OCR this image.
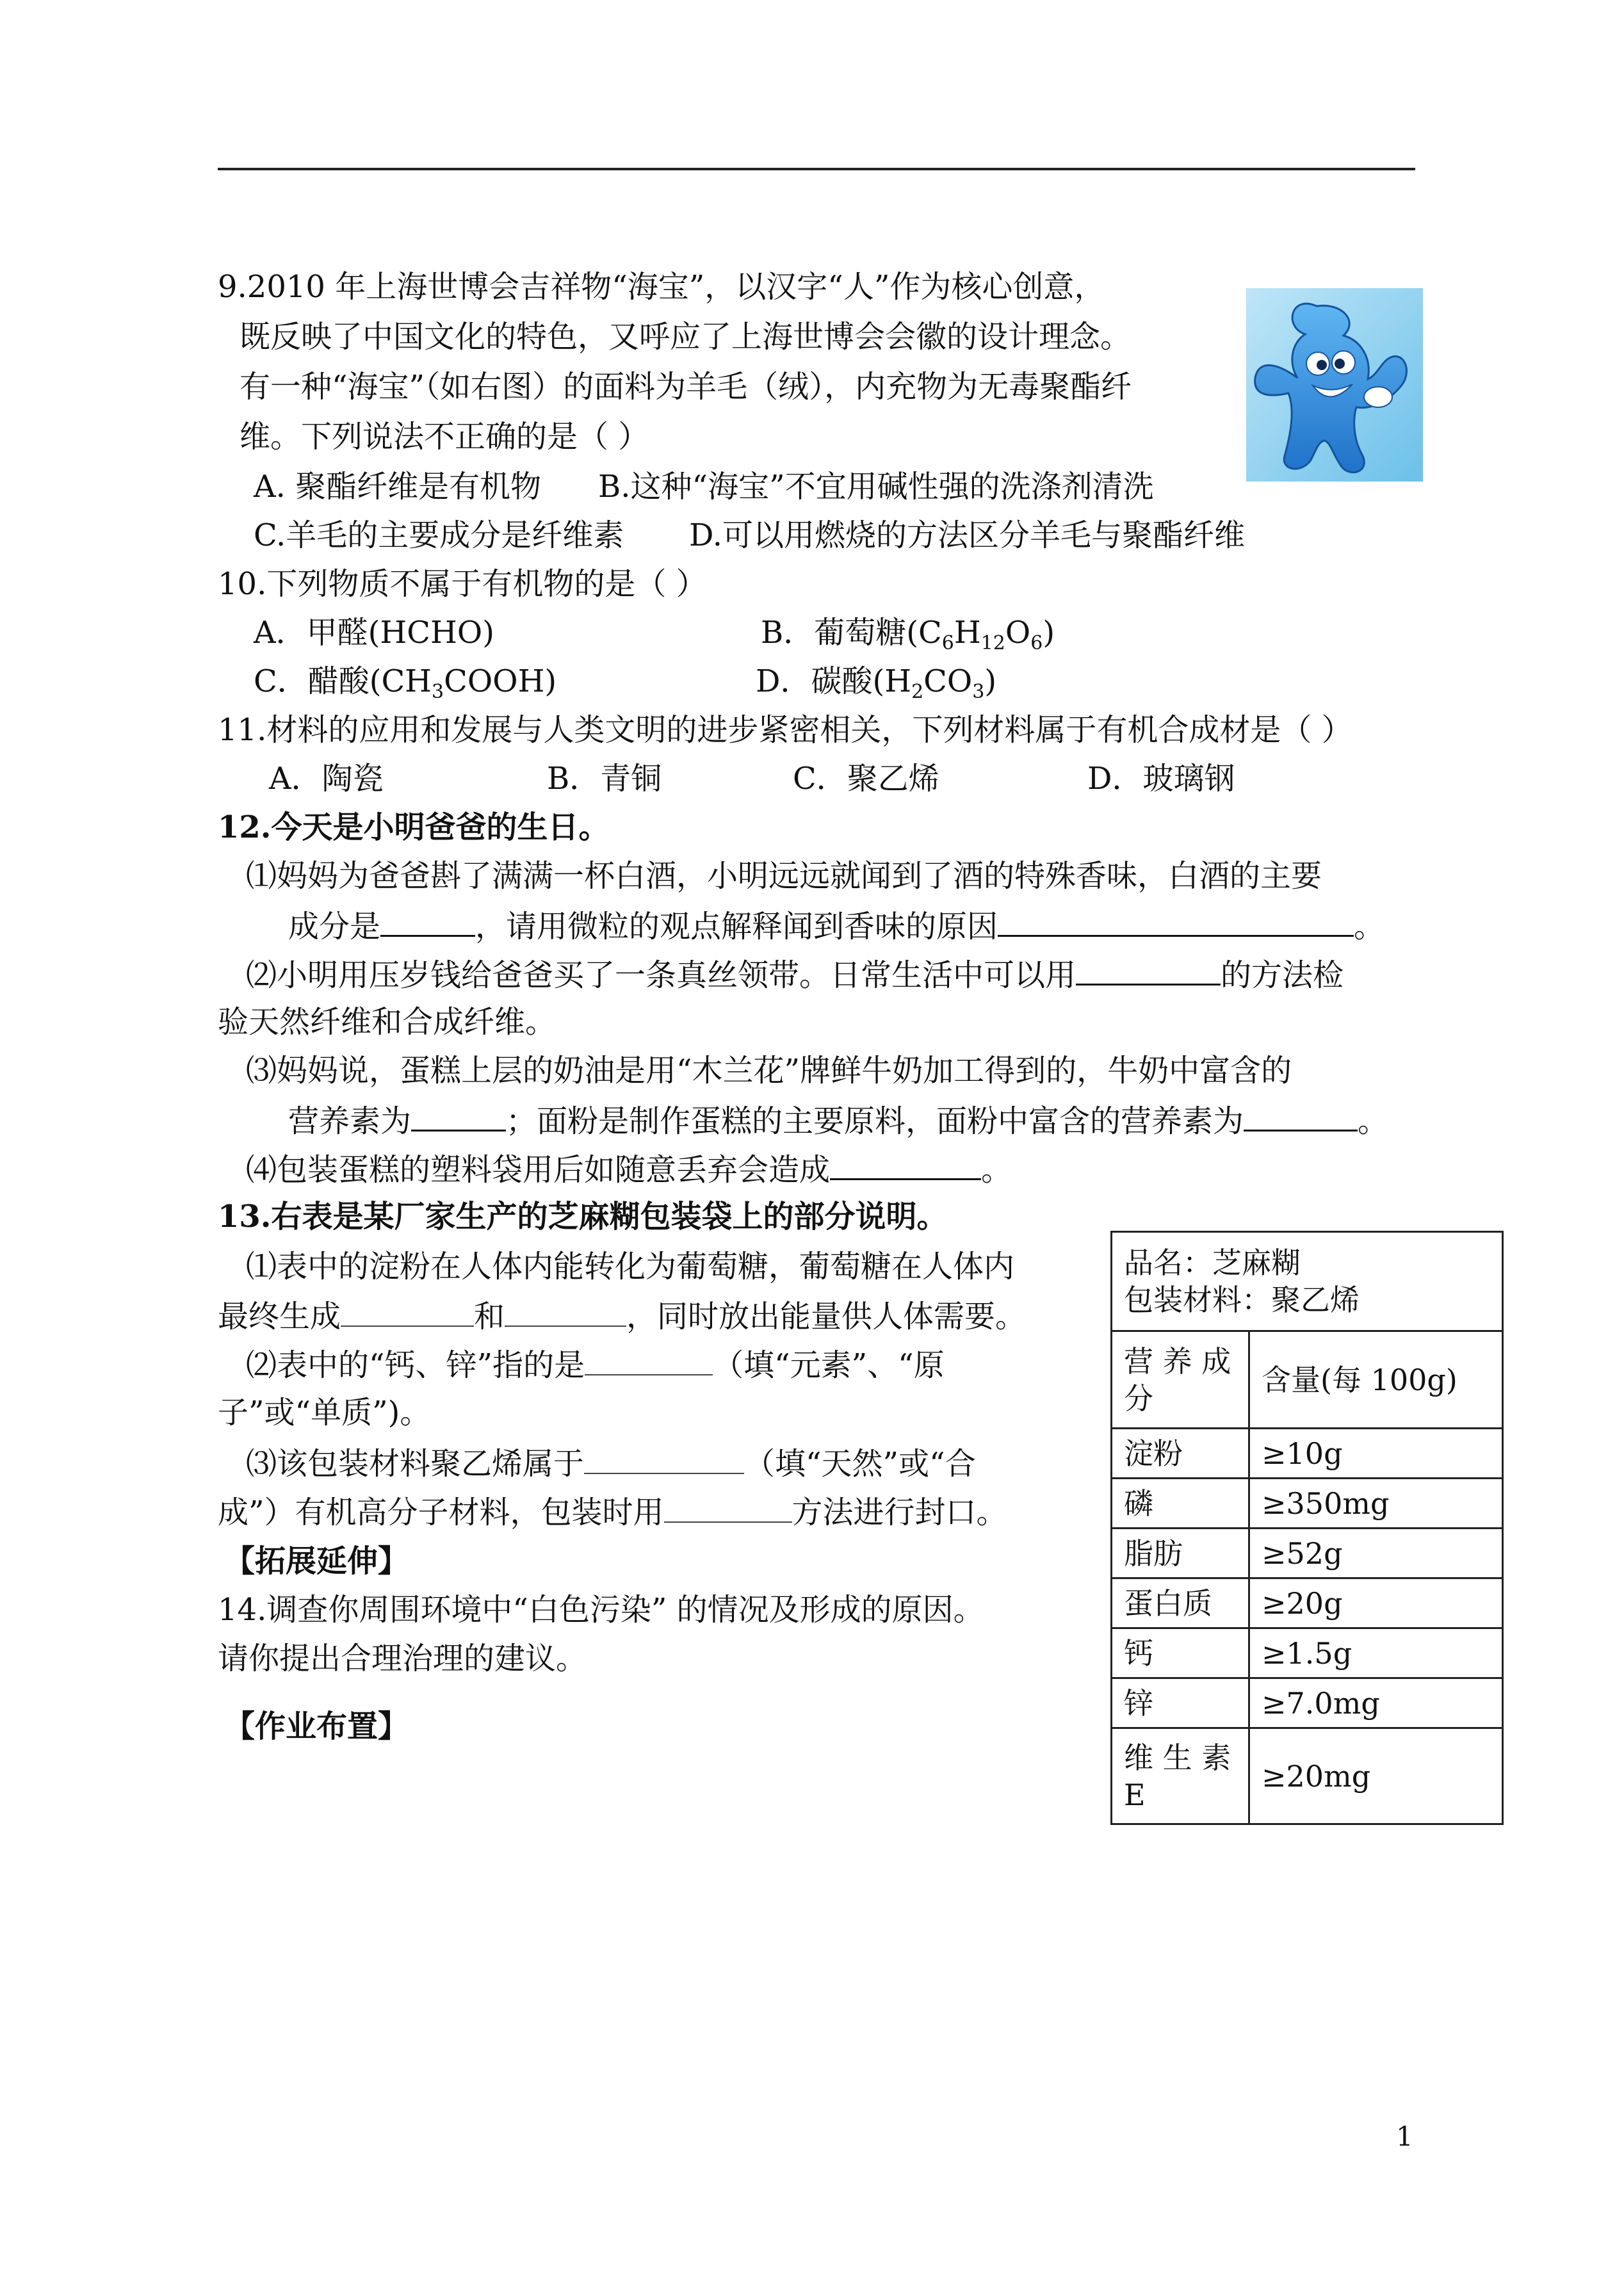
9.2010 年上海世博会吉祥物“海宝”，以汉字“人”作为核心创意，
既反映了中国文化的特色，又呼应了上海世博会会徽的设计理念。
有一种“海宝”（如右图）的面料为羊毛（绒），内充物为无毒聚酯纤
维。下列说法不正确的是（ ）
A. 聚酯纤维是有机物 B.这种“海宝”不宜用碱性强的洗涤剂清洗
C.羊毛的主要成分是纤维素 D.可以用燃烧的方法区分羊毛与聚酯纤维
10.下列物质不属于有机物的是（ ）
A．甲醛(HCHO)	B．葡萄糖$(C_6H_{12}O_6)$
C．醋酸$(CH_3COOH)$	D．碳酸$(H_2CO_3)$
11.材料的应用和发展与人类文明的进步紧密相关，下列材料属于有机合成材是（ ）
A．陶瓷	B．青铜	C．聚乙烯	D．玻璃钢
12.今天是小明爸爸的生日。
⑴妈妈为爸爸斟了满满一杯白酒，小明远远就闻到了酒的特殊香味，白酒的主要
成分是	，请用微粒的观点解释闻到香味的原因	。
⑵小明用压岁钱给爸爸买了一条真丝领带。日常生活中可以用	的方法检
验天然纤维和合成纤维。
⑶妈妈说，蛋糕上层的奶油是用“木兰花”牌鲜牛奶加工得到的，牛奶中富含的
营养素为	；面粉是制作蛋糕的主要原料，面粉中富含的营养素为	。
⑷包装蛋糕的塑料袋用后如随意丢弃会造成	。
13.右表是某厂家生产的芝麻糊包装袋上的部分说明。
⑴表中的淀粉在人体内能转化为葡萄糖，葡萄糖在人体内
最终生成	和	，同时放出能量供人体需要。
⑵表中的“钙、锌”指的是	（填“元素”、“原
子”或“单质”)。
⑶该包装材料聚乙烯属于	（填“天然”或“合
成”）有机高分子材料，包装时用	方法进行封口。
【拓展延伸】
14.调查你周围环境中“白色污染” 的情况及形成的原因。
请你提出合理治理的建议。
【作业布置】
品名：芝麻糊
包装材料：聚乙烯	

营 养 成 分	含量(每 100g)
淀粉	≥10g
磷	≥350mg
脂肪	≥52g
蛋白质	≥20g
钙	≥1.5g
锌	≥7.0mg
维 生 素 E	≥20mg
1
